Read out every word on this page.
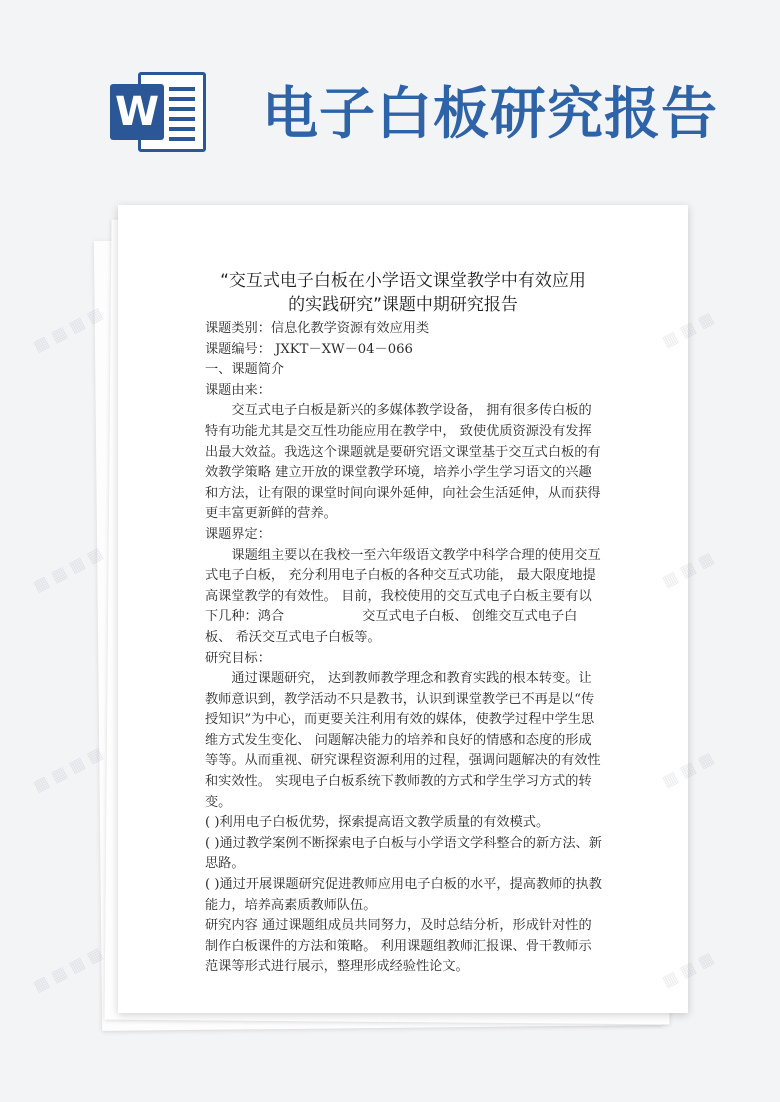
W 电子白板研究报告
“交互式电子白板在小学语文课堂教学中有效应用
的实践研究”课题中期研究报告

课题类别：信息化教学资源有效应用类

课题编号： JXKT－XW－04－066

一、课题简介

课题由来：

交互式电子白板是新兴的多媒体教学设备， 拥有很多传白板的特有功能尤其是交互性功能应用在教学中， 致使优质资源没有发挥出最大效益。我选这个课题就是要研究语文课堂基于交互式白板的有效教学策略 建立开放的课堂教学环境，培养小学生学习语文的兴趣和方法，让有限的课堂时间向课外延伸，向社会生活延伸，从而获得更丰富更新鲜的营养。

课题界定：

课题组主要以在我校一至六年级语文教学中科学合理的使用交互式电子白板， 充分利用电子白板的各种交互式功能， 最大限度地提高课堂教学的有效性。 目前，我校使用的交互式电子白板主要有以下几种：鸿合	交互式电子白板、 创维交互式电子白板、 希沃交互式电子白板等。

研究目标：

通过课题研究， 达到教师教学理念和教育实践的根本转变。让教师意识到，教学活动不只是教书，认识到课堂教学已不再是以“传授知识”为中心，而更要关注利用有效的媒体，使教学过程中学生思维方式发生变化、 问题解决能力的培养和良好的情感和态度的形成等等。从而重视、研究课程资源利用的过程，强调问题解决的有效性和实效性。 实现电子白板系统下教师教的方式和学生学习方式的转变。

( )利用电子白板优势，探索提高语文教学质量的有效模式。

( )通过教学案例不断探索电子白板与小学语文学科整合的新方法、新思路。

( )通过开展课题研究促进教师应用电子白板的水平，提高教师的执教能力，培养高素质教师队伍。

研究内容 通过课题组成员共同努力，及时总结分析，形成针对性的制作白板课件的方法和策略。 利用课题组教师汇报课、骨干教师示范课等形式进行展示，整理形成经验性论文。

▦ ▦ ▦ ▦	▦
▦ ▦ ▦ ▦	▦
▦ ▦ ▦ ▦	▦
▦ ▦ ▦ ▦	▦
